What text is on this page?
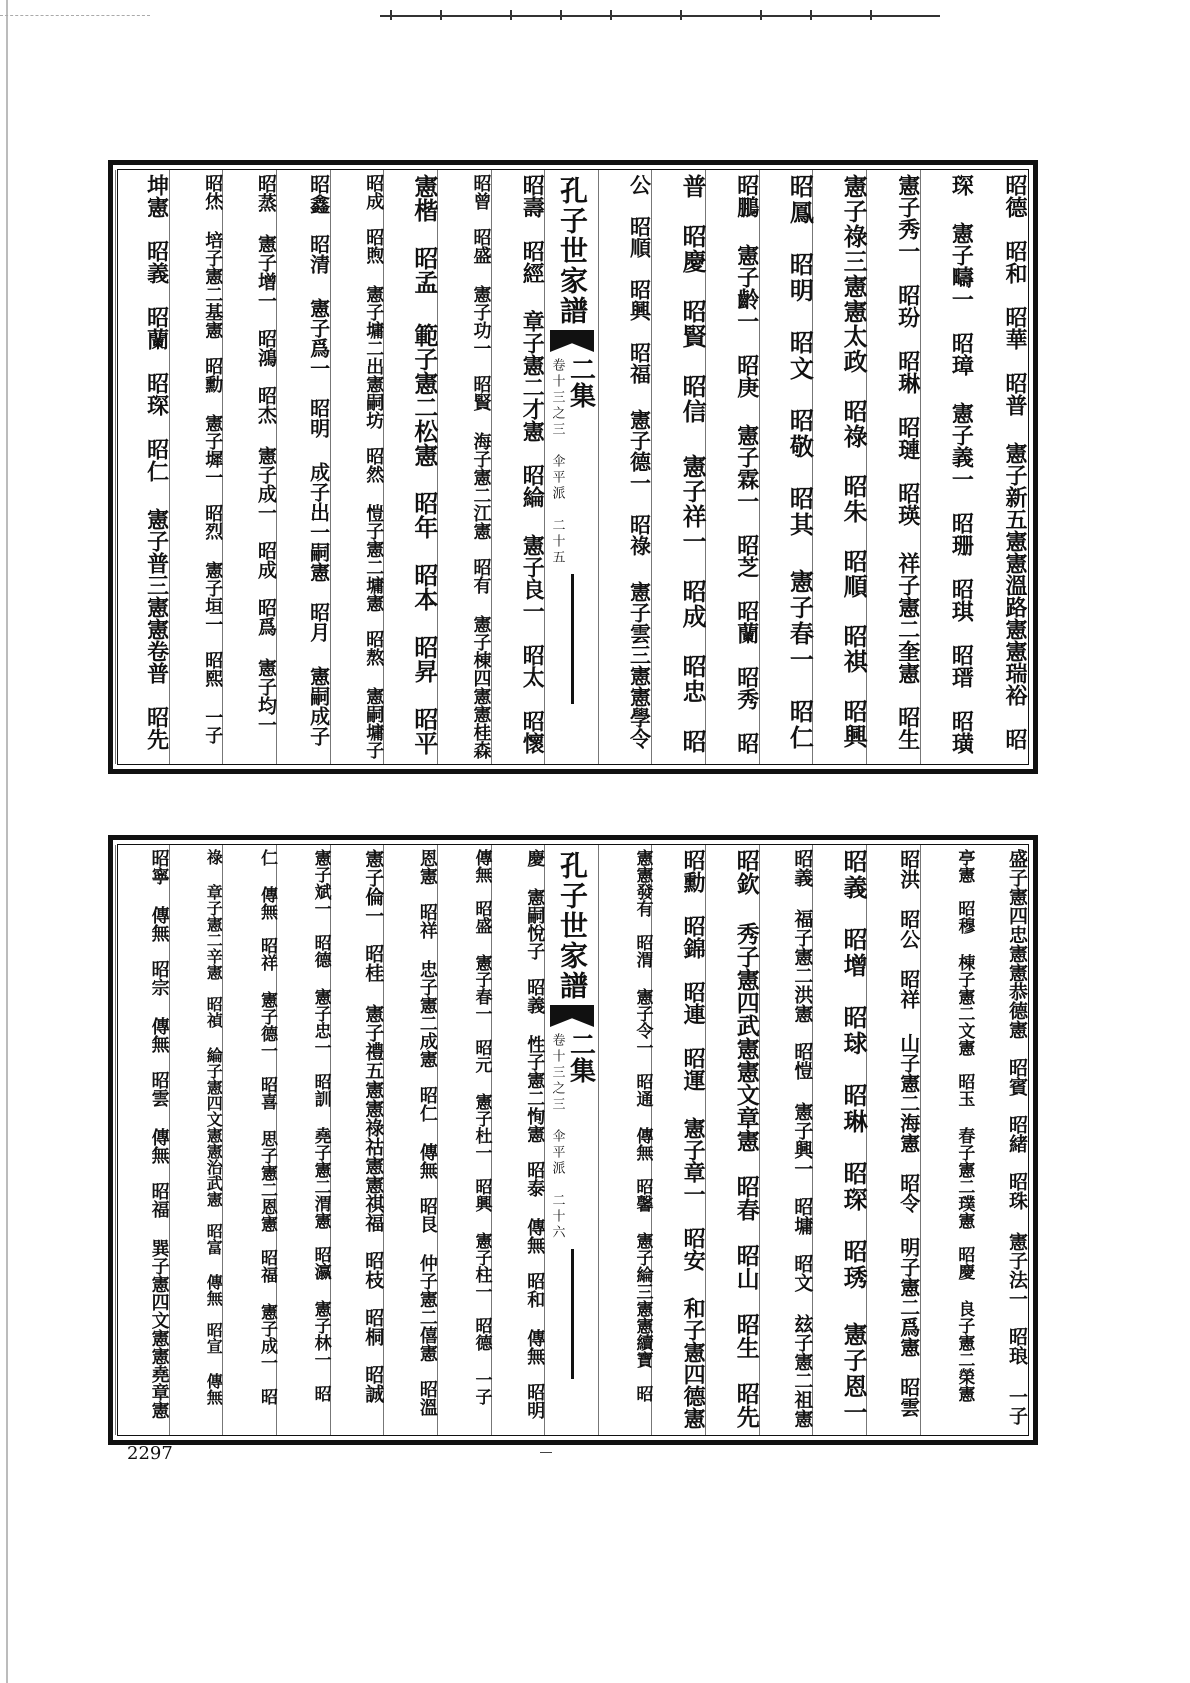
昭德　昭和　昭華　昭普 憲子新五憲憲溫路憲憲瑞裕　昭
琛 憲子疇一　昭璋 憲子義一　昭珊　昭琪　昭瑨　昭璜
憲子秀一　昭玢　昭琳　昭璉　昭瑛 祥子憲二奎憲　昭生
憲子祿三憲憲太政　昭祿　昭朱　昭順　昭祺　昭興
昭鳳　昭明　昭文　昭敬　昭其 憲子春一　昭仁
昭鵬 憲子齡一　昭庚 憲子霖一　昭芝　昭蘭　昭秀　昭
普　昭慶　昭賢　昭信 憲子祥一　昭成　昭忠　昭
公　昭順　昭興　昭福 憲子德一　昭祿 憲子雲三憲憲學令
孔子世家譜
卷十三之三　伞平派　二十五 二集
昭壽　昭經 章子憲二才憲　昭綸 憲子良一　昭太　昭懷
昭曾　昭盛 憲子功一　昭賢 海子憲二江憲　昭有 憲子棟四憲憲桂森
憲楷　昭孟 範子憲二松憲　昭年　昭本　昭昇　昭平
昭成　昭煦 憲子墉二出憲嗣坊　昭然 愷子憲二墉憲　昭熬 憲嗣墉子
昭鑫　昭清 憲子爲一　昭明 成子出一嗣憲　昭月 憲嗣成子
昭蒸 憲子增一　昭鴻　昭杰 憲子成一　昭成　昭爲 憲子均一
昭烋 培子憲二基憲　昭勳 憲子墀一　昭烈 憲子垣一　昭熙 一子
坤憲　昭義　昭蘭　昭琛　昭仁 憲子普三憲憲卷普　昭先
盛子憲四忠憲憲恭德憲　昭賓　昭緒　昭珠 憲子法一　昭琅 一子
亭憲　昭穆 棟子憲二文憲　昭玉 春子憲二璞憲　昭慶 良子憲二榮憲
昭洪　昭公　昭祥 山子憲二海憲　昭令 明子憲二爲憲　昭雲
昭義　昭增　昭球　昭琳　昭琛　昭琇 憲子恩一
昭義 福子憲二洪憲　昭愷 憲子興一　昭墉　昭文 玆子憲二祖憲
昭欽 秀子憲四武憲憲文章憲　昭春　昭山　昭生　昭先
昭勳　昭錦　昭連　昭運 憲子章一　昭安 和子憲四德憲
憲憲發有　昭渭 憲子令一　昭通 傳無　昭馨 憲子綸三憲憲續寶　昭
孔子世家譜
卷十三之三　伞平派　二十六 二集
慶 憲嗣悅子　昭義 性子憲二恂憲　昭泰 傳無　昭和 傳無　昭明
傳無　昭盛 憲子春一　昭元 憲子杜一　昭興 憲子柱一　昭德 一子
恩憲　昭祥 忠子憲二成憲　昭仁 傳無　昭艮 仲子憲二僖憲　昭溫
憲子倫一　昭桂 憲子禮五憲憲祿祜憲憲祺福　昭枝　昭桐　昭誠
憲子斌一　昭德 憲子忠一　昭訓 堯子憲二渭憲　昭瀛 憲子林一　昭
仁 傳無　昭祥 憲子德一　昭喜 思子憲二恩憲　昭福 憲子成一　昭
祿 章子憲二辛憲　昭禎 綸子憲四文憲憲治武憲　昭富 傳無　昭宣 傳無
昭寧 傳無　昭宗 傳無　昭雲 傳無　昭福 巽子憲四文憲憲堯章憲
2297
